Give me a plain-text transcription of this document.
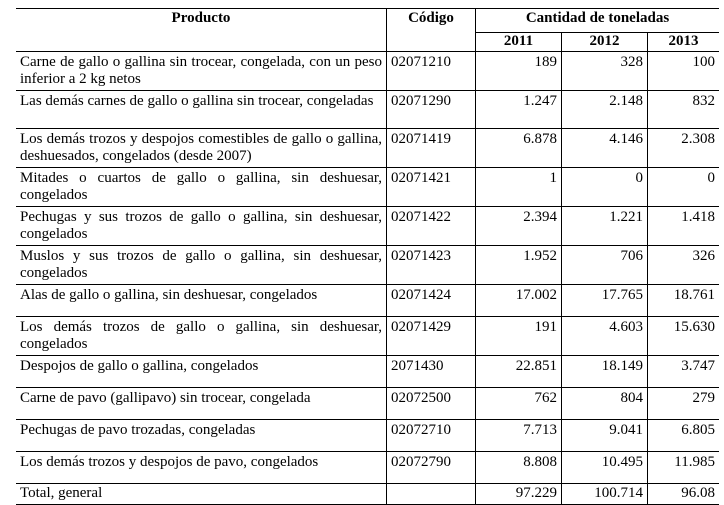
Producto	Código	Cantidad de toneladas		
		2011	2012	2013
Carne de gallo o gallina sin trocear, congelada, con un peso inferior a 2 kg netos	02071210	189	328	100
Las demás carnes de gallo o gallina sin trocear, congeladas	02071290	1.247	2.148	832
Los demás trozos y despojos comestibles de gallo o gallina, deshuesados, congelados (desde 2007)	02071419	6.878	4.146	2.308
Mitades o cuartos de gallo o gallina, sin deshuesar, congelados	02071421	1	0	0
Pechugas y sus trozos de gallo o gallina, sin deshuesar, congelados	02071422	2.394	1.221	1.418
Muslos y sus trozos de gallo o gallina, sin deshuesar, congelados	02071423	1.952	706	326
Alas de gallo o gallina, sin deshuesar, congelados	02071424	17.002	17.765	18.761
Los demás trozos de gallo o gallina, sin deshuesar, congelados	02071429	191	4.603	15.630
Despojos de gallo o gallina, congelados	2071430	22.851	18.149	3.747
Carne de pavo (gallipavo) sin trocear, congelada	02072500	762	804	279
Pechugas de pavo trozadas, congeladas	02072710	7.713	9.041	6.805
Los demás trozos y despojos de pavo, congelados	02072790	8.808	10.495	11.985
Total, general		97.229	100.714	96.08
